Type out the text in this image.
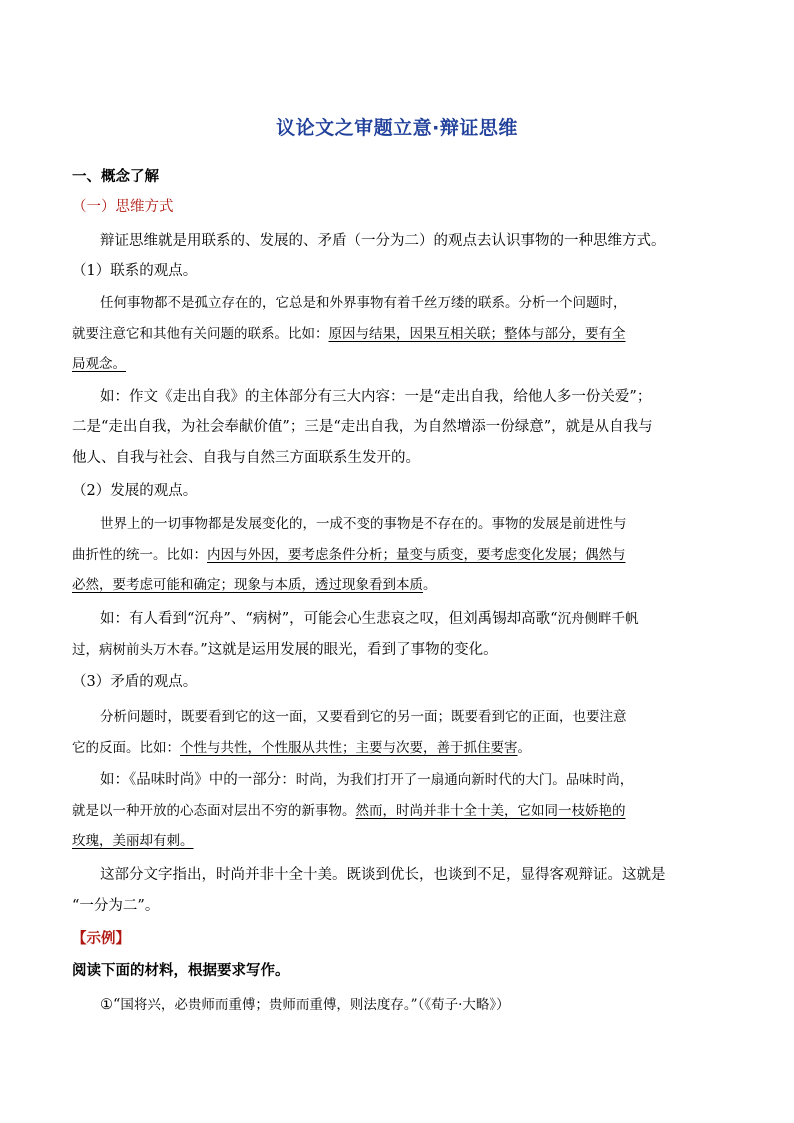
议论文之审题立意·辩证思维
一、概念了解
（一）思维方式
辩证思维就是用联系的、发展的、矛盾（一分为二）的观点去认识事物的一种思维方式。
（1）联系的观点。
任何事物都不是孤立存在的，它总是和外界事物有着千丝万缕的联系。分析一个问题时，
就要注意它和其他有关问题的联系。比如：原因与结果，因果互相关联；整体与部分，要有全
局观念。
如：作文《走出自我》的主体部分有三大内容：一是“走出自我，给他人多一份关爱”；
二是“走出自我，为社会奉献价值”；三是“走出自我，为自然增添一份绿意”，就是从自我与
他人、自我与社会、自我与自然三方面联系生发开的。
（2）发展的观点。
世界上的一切事物都是发展变化的，一成不变的事物是不存在的。事物的发展是前进性与
曲折性的统一。比如：内因与外因，要考虑条件分析；量变与质变，要考虑变化发展；偶然与
必然，要考虑可能和确定；现象与本质，透过现象看到本质。
如：有人看到“沉舟”、“病树”，可能会心生悲哀之叹，但刘禹锡却高歌“沉舟侧畔千帆
过，病树前头万木春。”这就是运用发展的眼光，看到了事物的变化。
（3）矛盾的观点。
分析问题时，既要看到它的这一面，又要看到它的另一面；既要看到它的正面，也要注意
它的反面。比如：个性与共性，个性服从共性；主要与次要，善于抓住要害。
如：《品味时尚》中的一部分：时尚，为我们打开了一扇通向新时代的大门。品味时尚，
就是以一种开放的心态面对层出不穷的新事物。然而，时尚并非十全十美，它如同一枝娇艳的
玫瑰，美丽却有刺。
这部分文字指出，时尚并非十全十美。既谈到优长，也谈到不足，显得客观辩证。这就是
“一分为二”。
【示例】
阅读下面的材料，根据要求写作。
①“国将兴，必贵师而重傅；贵师而重傅，则法度存。”（《荀子·大略》）
